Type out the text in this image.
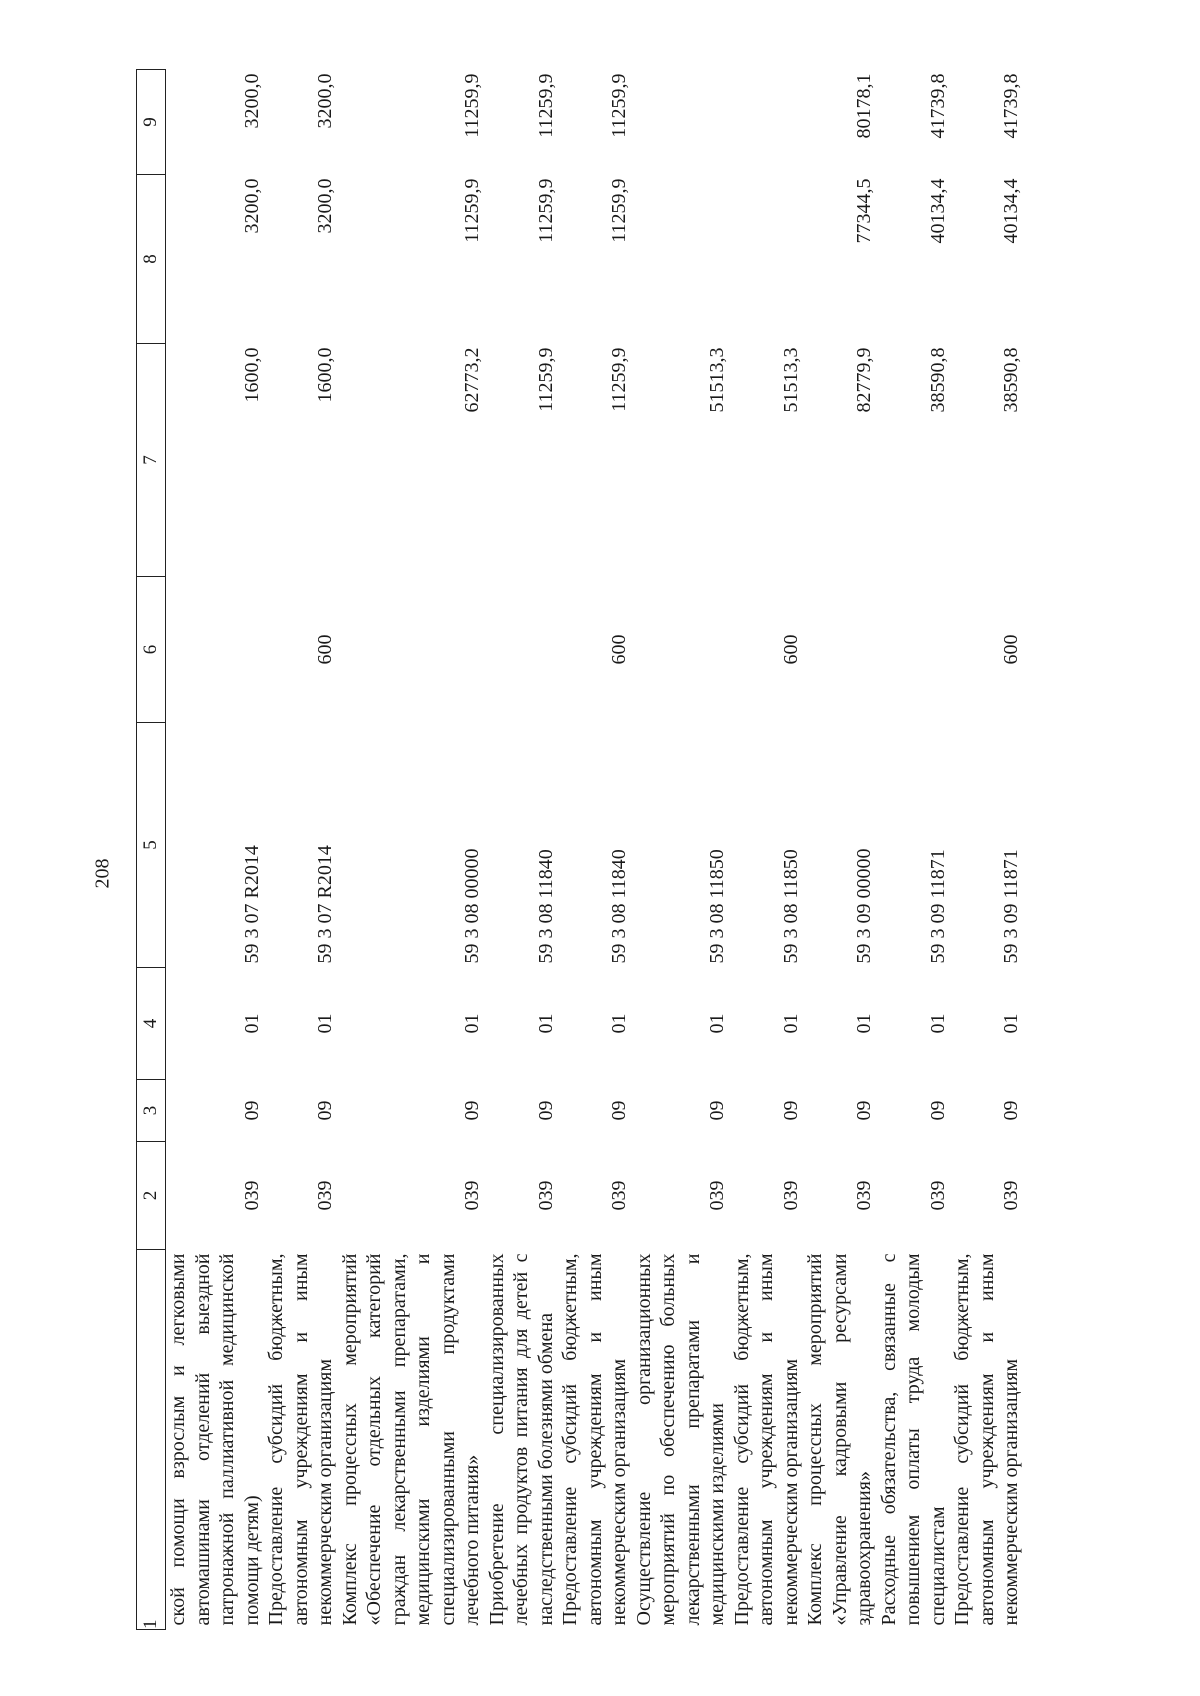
208
1	2	3	4	5	6	7	8	9
ской помощи взрослым и легковыми автомашинами отделений выездной патронажной паллиативной медицинской помощи детям)	039	09	01	59 3 07 R2014		1600,0	3200,0	3200,0
Предоставление субсидий бюджетным, автономным учреждениям и иным некоммерческим организациям	039	09	01	59 3 07 R2014	600	1600,0	3200,0	3200,0
Комплекс процессных мероприятий «Обеспечение отдельных категорий граждан лекарственными препаратами, медицинскими изделиями и специализированными продуктами лечебного питания»	039	09	01	59 3 08 00000		62773,2	11259,9	11259,9
Приобретение специализированных лечебных продуктов питания для детей с наследственными болезнями обмена	039	09	01	59 3 08 11840		11259,9	11259,9	11259,9
Предоставление субсидий бюджетным, автономным учреждениям и иным некоммерческим организациям	039	09	01	59 3 08 11840	600	11259,9	11259,9	11259,9
Осуществление организационных мероприятий по обеспечению больных лекарственными препаратами и медицинскими изделиями	039	09	01	59 3 08 11850		51513,3		
Предоставление субсидий бюджетным, автономным учреждениям и иным некоммерческим организациям	039	09	01	59 3 08 11850	600	51513,3		
Комплекс процессных мероприятий «Управление кадровыми ресурсами здравоохранения»	039	09	01	59 3 09 00000		82779,9	77344,5	80178,1
Расходные обязательства, связанные с повышением оплаты труда молодым специалистам	039	09	01	59 3 09 11871		38590,8	40134,4	41739,8
Предоставление субсидий бюджетным, автономным учреждениям и иным некоммерческим организациям	039	09	01	59 3 09 11871	600	38590,8	40134,4	41739,8
